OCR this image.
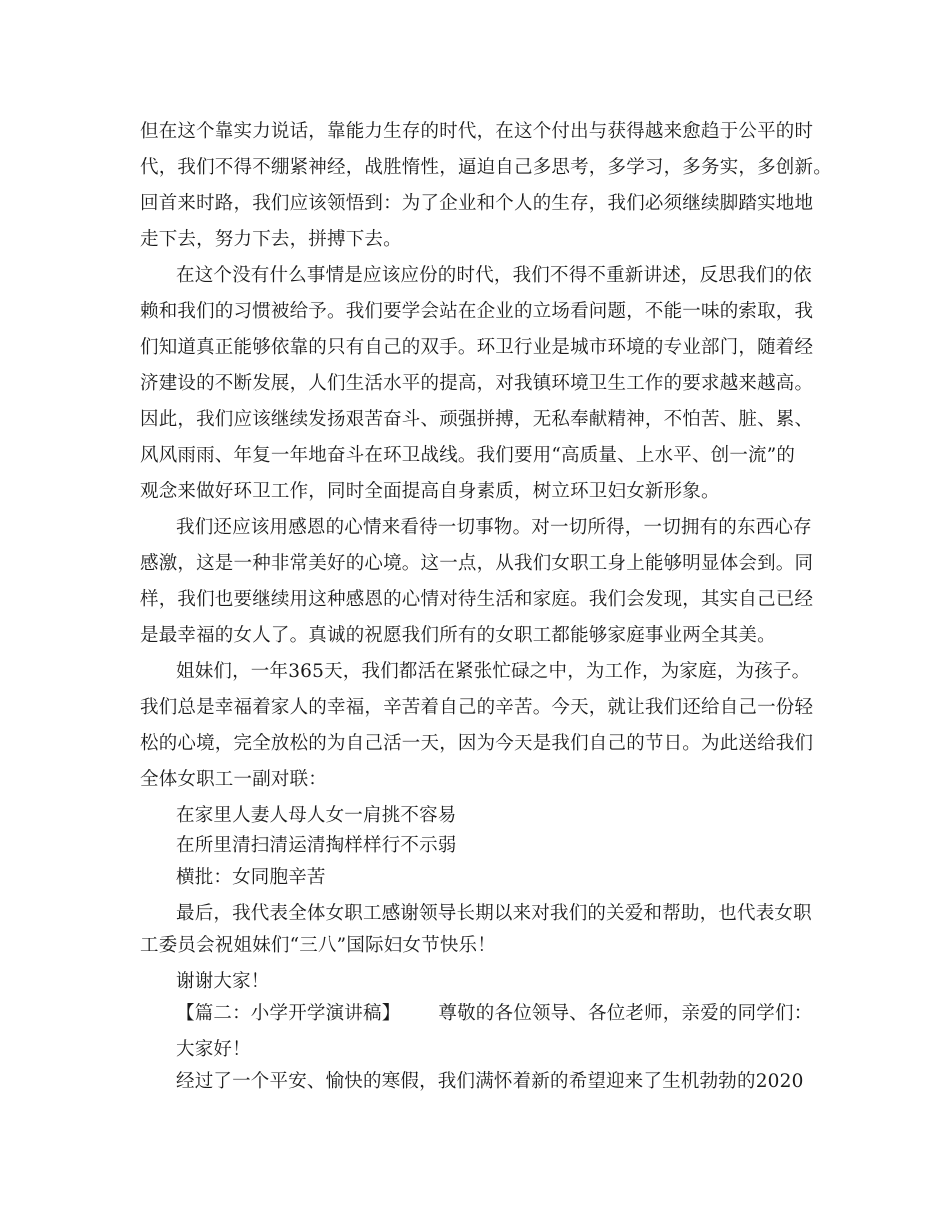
但在这个靠实力说话，靠能力生存的时代，在这个付出与获得越来愈趋于公平的时
代，我们不得不绷紧神经，战胜惰性，逼迫自己多思考，多学习，多务实，多创新。
回首来时路，我们应该领悟到：为了企业和个人的生存，我们必须继续脚踏实地地
走下去，努力下去，拼搏下去。
在这个没有什么事情是应该应份的时代，我们不得不重新讲述，反思我们的依
赖和我们的习惯被给予。我们要学会站在企业的立场看问题，不能一味的索取，我
们知道真正能够依靠的只有自己的双手。环卫行业是城市环境的专业部门，随着经
济建设的不断发展，人们生活水平的提高，对我镇环境卫生工作的要求越来越高。
因此，我们应该继续发扬艰苦奋斗、顽强拼搏，无私奉献精神，不怕苦、脏、累、
风风雨雨、年复一年地奋斗在环卫战线。我们要用“高质量、上水平、创一流”的
观念来做好环卫工作，同时全面提高自身素质，树立环卫妇女新形象。
我们还应该用感恩的心情来看待一切事物。对一切所得，一切拥有的东西心存
感激，这是一种非常美好的心境。这一点，从我们女职工身上能够明显体会到。同
样，我们也要继续用这种感恩的心情对待生活和家庭。我们会发现，其实自己已经
是最幸福的女人了。真诚的祝愿我们所有的女职工都能够家庭事业两全其美。
姐妹们，一年365天，我们都活在紧张忙碌之中，为工作，为家庭，为孩子。
我们总是幸福着家人的幸福，辛苦着自己的辛苦。今天，就让我们还给自己一份轻
松的心境，完全放松的为自己活一天，因为今天是我们自己的节日。为此送给我们
全体女职工一副对联：
在家里人妻人母人女一肩挑不容易
在所里清扫清运清掏样样行不示弱
横批：女同胞辛苦
最后，我代表全体女职工感谢领导长期以来对我们的关爱和帮助，也代表女职
工委员会祝姐妹们“三八”国际妇女节快乐！
谢谢大家！
【篇二：小学开学演讲稿】 尊敬的各位领导、各位老师，亲爱的同学们：
大家好！
经过了一个平安、愉快的寒假，我们满怀着新的希望迎来了生机勃勃的2020
